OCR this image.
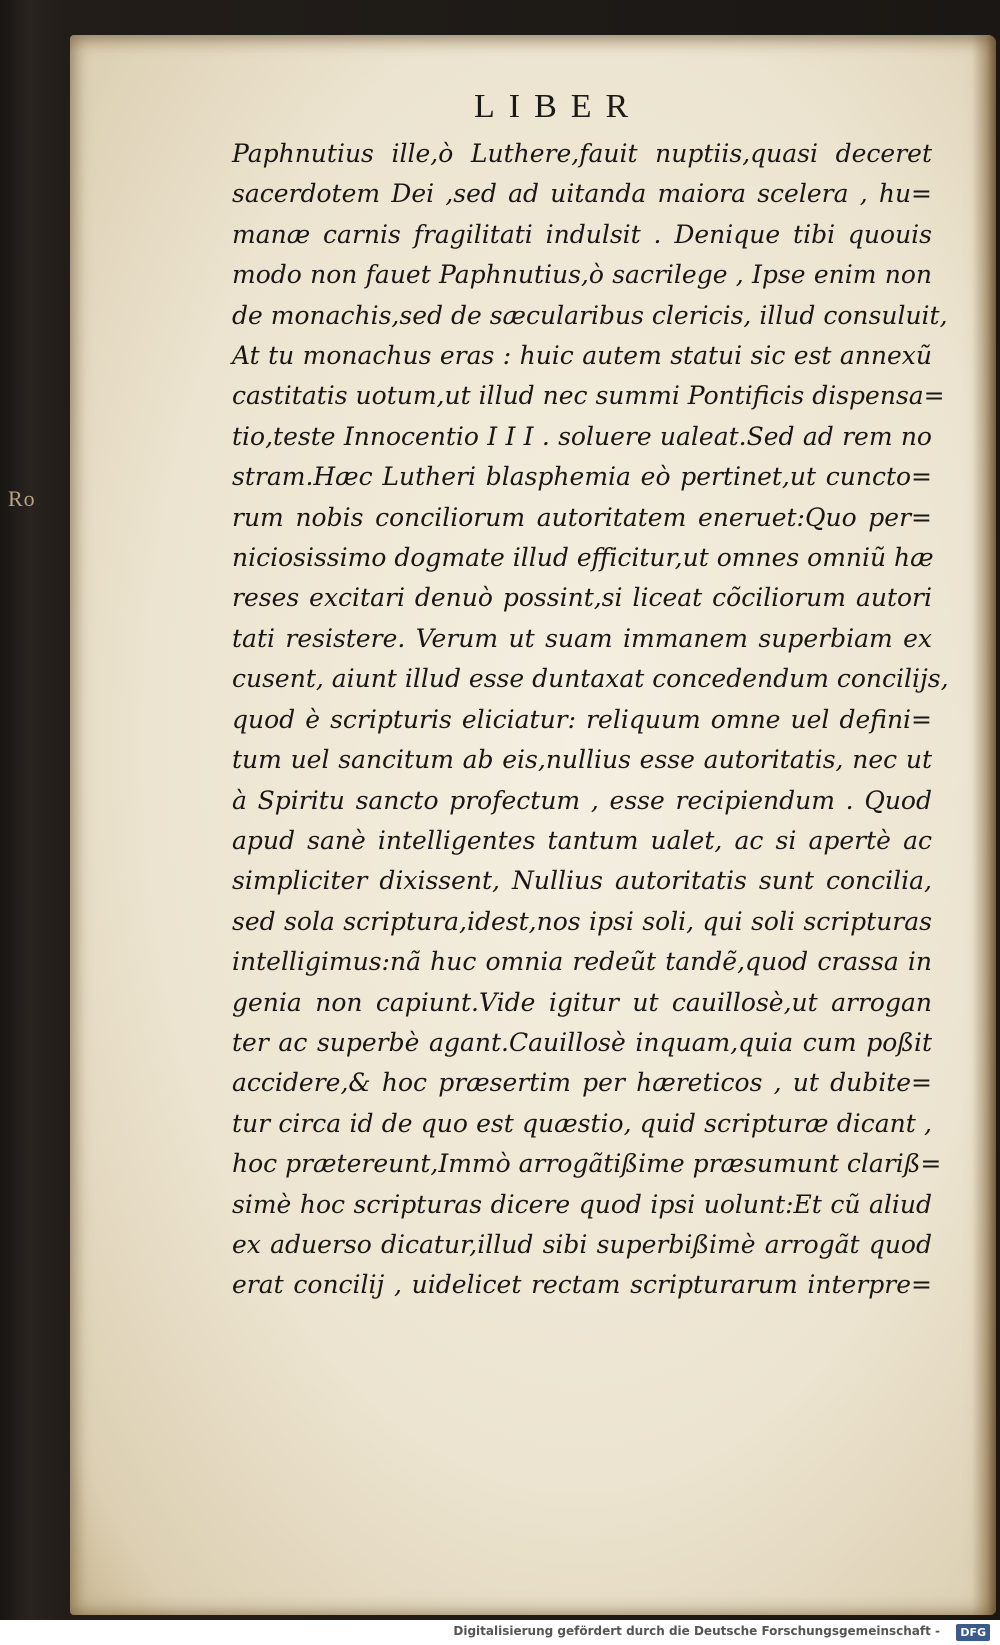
Ro
LIBER
Paphnutius ille,ò Luthere,fauit nuptiis,quasi deceret
sacerdotem Dei ,sed ad uitanda maiora scelera , hu=
manæ carnis fragilitati indulsit . Denique tibi quouis
modo non fauet Paphnutius,ò sacrilege , Ipse enim non
de monachis,sed de sæcularibus clericis, illud consuluit,
At tu monachus eras : huic autem statui sic est annexũ
castitatis uotum,ut illud nec summi Pontificis dispensa=
tio,teste Innocentio I I I . soluere ualeat.Sed ad rem no
stram.Hæc Lutheri blasphemia eò pertinet,ut cuncto=
rum nobis conciliorum autoritatem eneruet:Quo per=
niciosissimo dogmate illud efficitur,ut omnes omniũ hæ
reses excitari denuò possint,si liceat cõciliorum autori
tati resistere. Verum ut suam immanem superbiam ex
cusent, aiunt illud esse duntaxat concedendum concilijs,
quod è scripturis eliciatur: reliquum omne uel defini=
tum uel sancitum ab eis,nullius esse autoritatis, nec ut
à Spiritu sancto profectum , esse recipiendum . Quod
apud sanè intelligentes tantum ualet, ac si apertè ac
simpliciter dixissent, Nullius autoritatis sunt concilia,
sed sola scriptura,idest,nos ipsi soli, qui soli scripturas
intelligimus:nã huc omnia redeũt tandẽ,quod crassa in
genia non capiunt.Vide igitur ut cauillosè,ut arrogan
ter ac superbè agant.Cauillosè inquam,quia cum poßit
accidere,& hoc præsertim per hæreticos , ut dubite=
tur circa id de quo est quæstio, quid scripturæ dicant ,
hoc prætereunt,Immò arrogãtißime præsumunt clariß=
simè hoc scripturas dicere quod ipsi uolunt:Et cũ aliud
ex aduerso dicatur,illud sibi superbißimè arrogãt quod
erat concilij , uidelicet rectam scripturarum interpre=
Digitalisierung gefördert durch die Deutsche Forschungsgemeinschaft -	DFG
